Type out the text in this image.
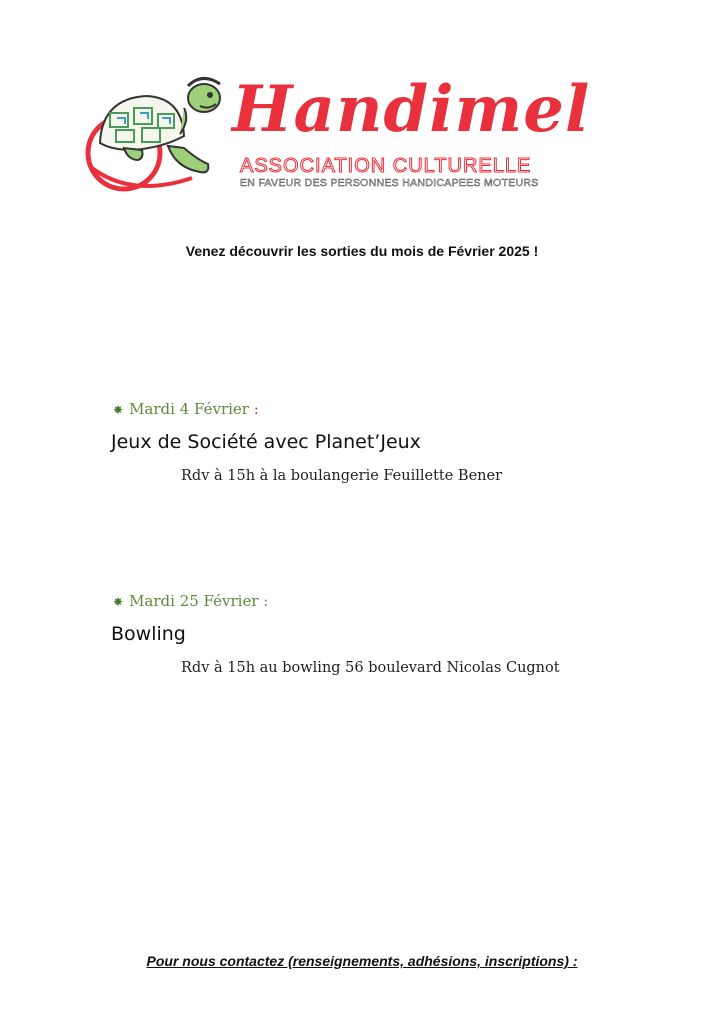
Handimel
ASSOCIATION CULTURELLE
EN FAVEUR DES PERSONNES HANDICAPEES MOTEURS
Venez découvrir les sorties du mois de Février 2025 !
✸ Mardi 4 Février :
Jeux de Société avec Planet’Jeux
Rdv à 15h à la boulangerie Feuillette Bener
✸ Mardi 25 Février :
Bowling
Rdv à 15h au bowling 56 boulevard Nicolas Cugnot
Pour nous contactez (renseignements, adhésions, inscriptions) :
